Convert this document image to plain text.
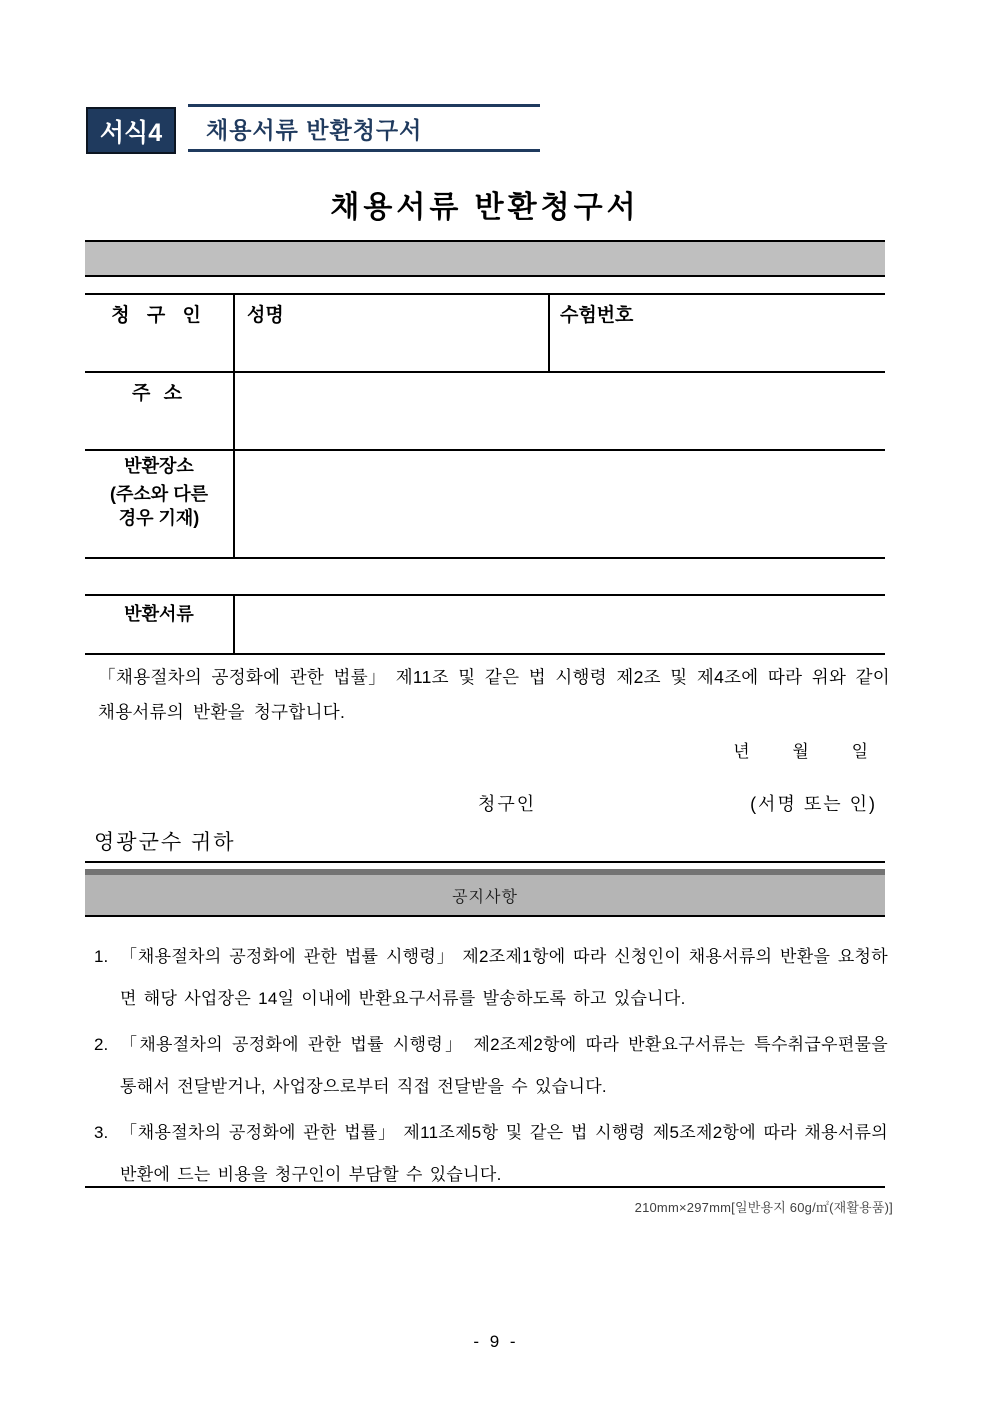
서식4	채용서류 반환청구서
채용서류 반환청구서
청 구 인	성명	수험번호
주 소
반환장소
(주소와 다른
경우 기재)
반환서류
「채용절차의 공정화에 관한 법률」 제11조 및 같은 법 시행령 제2조 및 제4조에 따라 위와 같이 채용서류의 반환을 청구합니다.
년 월 일
청구인	(서명 또는 인)
영광군수 귀하
공지사항
1. 「채용절차의 공정화에 관한 법률 시행령」 제2조제1항에 따라 신청인이 채용서류의 반환을 요청하면 해당 사업장은 14일 이내에 반환요구서류를 발송하도록 하고 있습니다.
2. 「채용절차의 공정화에 관한 법률 시행령」 제2조제2항에 따라 반환요구서류는 특수취급우편물을 통해서 전달받거나, 사업장으로부터 직접 전달받을 수 있습니다.
3. 「채용절차의 공정화에 관한 법률」 제11조제5항 및 같은 법 시행령 제5조제2항에 따라 채용서류의 반환에 드는 비용을 청구인이 부담할 수 있습니다.
210mm×297mm[일반용지 60g/㎡(재활용품)]
- 9 -
